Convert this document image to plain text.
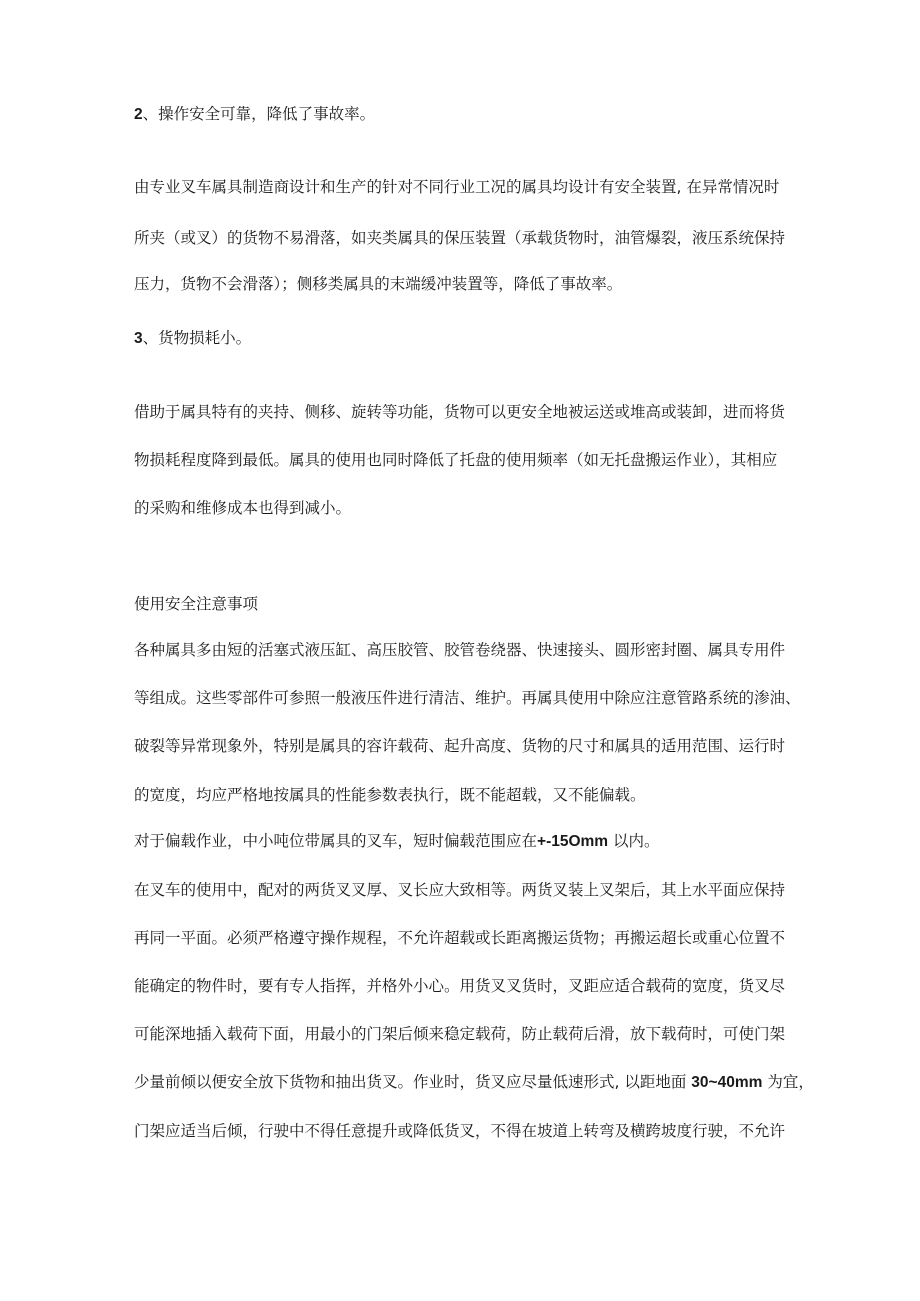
2、操作安全可靠，降低了事故率。
由专业叉车属具制造商设计和生产的针对不同行业工况的属具均设计有安全装置, 在异常情况时
所夹（或叉）的货物不易滑落，如夹类属具的保压装置（承载货物时，油管爆裂，液压系统保持
压力，货物不会滑落）；侧移类属具的末端缓冲装置等，降低了事故率。
3、货物损耗小。
借助于属具特有的夹持、侧移、旋转等功能，货物可以更安全地被运送或堆高或装卸，进而将货
物损耗程度降到最低。属具的使用也同时降低了托盘的使用频率（如无托盘搬运作业），其相应
的采购和维修成本也得到减小。
使用安全注意事项
各种属具多由短的活塞式液压缸、高压胶管、胶管卷绕器、快速接头、圆形密封圈、属具专用件
等组成。这些零部件可参照一般液压件进行清洁、维护。再属具使用中除应注意管路系统的渗油、
破裂等异常现象外，特别是属具的容许载荷、起升高度、货物的尺寸和属具的适用范围、运行时
的宽度，均应严格地按属具的性能参数表执行，既不能超载，又不能偏载。
对于偏载作业，中小吨位带属具的叉车，短时偏载范围应在+-15Omm 以内。
在叉车的使用中，配对的两货叉叉厚、叉长应大致相等。两货叉装上叉架后，其上水平面应保持
再同一平面。必须严格遵守操作规程，不允许超载或长距离搬运货物；再搬运超长或重心位置不
能确定的物件时，要有专人指挥，并格外小心。用货叉叉货时，叉距应适合载荷的宽度，货叉尽
可能深地插入载荷下面，用最小的门架后倾来稳定载荷，防止载荷后滑，放下载荷时，可使门架
少量前倾以便安全放下货物和抽出货叉。作业时，货叉应尽量低速形式, 以距地面 30~40mm 为宜，
门架应适当后倾，行驶中不得任意提升或降低货叉，不得在坡道上转弯及横跨坡度行驶，不允许
